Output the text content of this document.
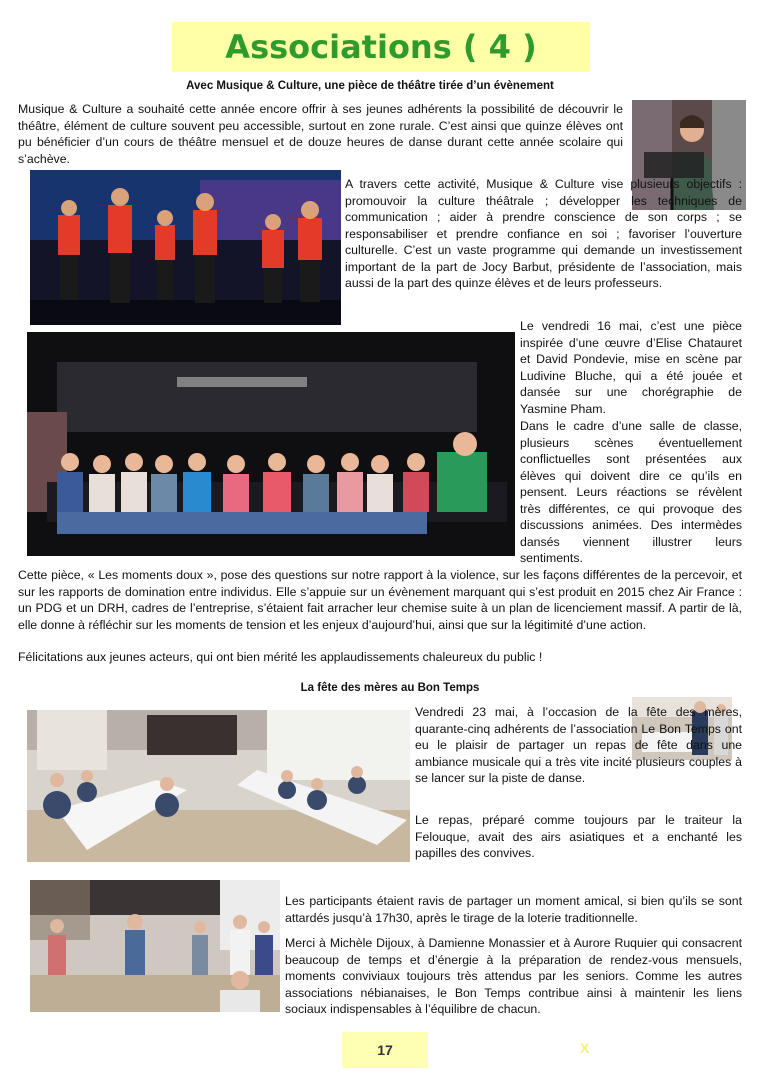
Associations ( 4 )
Avec Musique & Culture, une pièce de théâtre tirée d’un évènement

Musique & Culture a souhaité cette année encore offrir à ses jeunes adhérents la possibilité de découvrir le théâtre, élément de culture souvent peu accessible, surtout en zone rurale. C’est ainsi que quinze élèves ont pu bénéficier d’un cours de théâtre mensuel et de douze heures de danse durant cette année scolaire qui s’achève.

A travers cette activité, Musique & Culture vise plusieurs objectifs : promouvoir la culture théâtrale ; développer les techniques de communication ; aider à prendre conscience de son corps ; se responsabiliser et prendre confiance en soi ; favoriser l’ouverture culturelle. C’est un vaste programme qui demande un investissement important de la part de Jocy Barbut, présidente de l’association, mais aussi de la part des quinze élèves et de leurs professeurs.

Le vendredi 16 mai, c’est une pièce inspirée d’une œuvre d’Elise Chatauret et David Pondevie, mise en scène par Ludivine Bluche, qui a été jouée et dansée sur une chorégraphie de Yasmine Pham.

Dans le cadre d’une salle de classe, plusieurs scènes éventuellement conflictuelles sont présentées aux élèves qui doivent dire ce qu’ils en pensent. Leurs réactions se révèlent très différentes, ce qui provoque des discussions animées. Des intermèdes dansés viennent illustrer leurs sentiments.

Cette pièce, « Les moments doux », pose des questions sur notre rapport à la violence, sur les façons différentes de la percevoir, et sur les rapports de domination entre individus. Elle s’appuie sur un évènement marquant qui s’est produit en 2015 chez Air France : un PDG et un DRH, cadres de l’entreprise, s’étaient fait arracher leur chemise suite à un plan de licenciement massif. A partir de là, elle donne à réfléchir sur les moments de tension et les enjeux d’aujourd’hui, ainsi que sur la légitimité d’une action.

Félicitations aux jeunes acteurs, qui ont bien mérité les applaudissements chaleureux du public !

La fête des mères au Bon Temps

Vendredi 23 mai, à l’occasion de la fête des mères, quarante-cinq adhérents de l’association Le Bon Temps ont eu le plaisir de partager un repas de fête dans une ambiance musicale qui a très vite incité plusieurs couples à se lancer sur la piste de danse.

Le repas, préparé comme toujours par le traiteur la Felouque, avait des airs asiatiques et a enchanté les papilles des convives.

Les participants étaient ravis de partager un moment amical, si bien qu’ils se sont attardés jusqu’à 17h30, après le tirage de la loterie traditionnelle.

Merci à Michèle Dijoux, à Damienne Monassier et à Aurore Ruquier qui consacrent beaucoup de temps et d’énergie à la préparation de rendez-vous mensuels, moments conviviaux toujours très attendus par les seniors. Comme les autres associations nébianaises, le Bon Temps contribue ainsi à maintenir les liens sociaux indispensables à l’équilibre de chacun.

17	X
